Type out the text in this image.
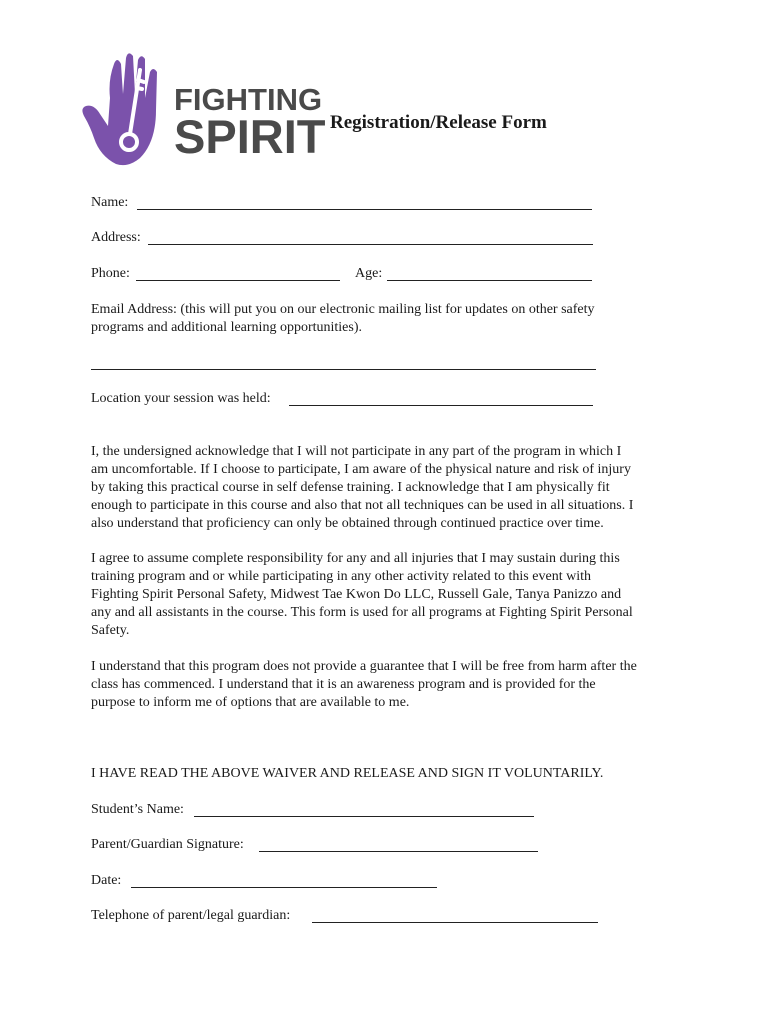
FIGHTING
SPIRIT Registration/Release Form
Name:
Address:
Phone:	Age:
Email Address: (this will put you on our electronic mailing list for updates on other safety
programs and additional learning opportunities).
Location your session was held:
I, the undersigned acknowledge that I will not participate in any part of the program in which I
am uncomfortable. If I choose to participate, I am aware of the physical nature and risk of injury
by taking this practical course in self defense training. I acknowledge that I am physically fit
enough to participate in this course and also that not all techniques can be used in all situations. I
also understand that proficiency can only be obtained through continued practice over time.
I agree to assume complete responsibility for any and all injuries that I may sustain during this
training program and or while participating in any other activity related to this event with
Fighting Spirit Personal Safety, Midwest Tae Kwon Do LLC, Russell Gale, Tanya Panizzo and
any and all assistants in the course. This form is used for all programs at Fighting Spirit Personal
Safety.
I understand that this program does not provide a guarantee that I will be free from harm after the
class has commenced. I understand that it is an awareness program and is provided for the
purpose to inform me of options that are available to me.
I HAVE READ THE ABOVE WAIVER AND RELEASE AND SIGN IT VOLUNTARILY.
Student’s Name:
Parent/Guardian Signature:
Date:
Telephone of parent/legal guardian:
